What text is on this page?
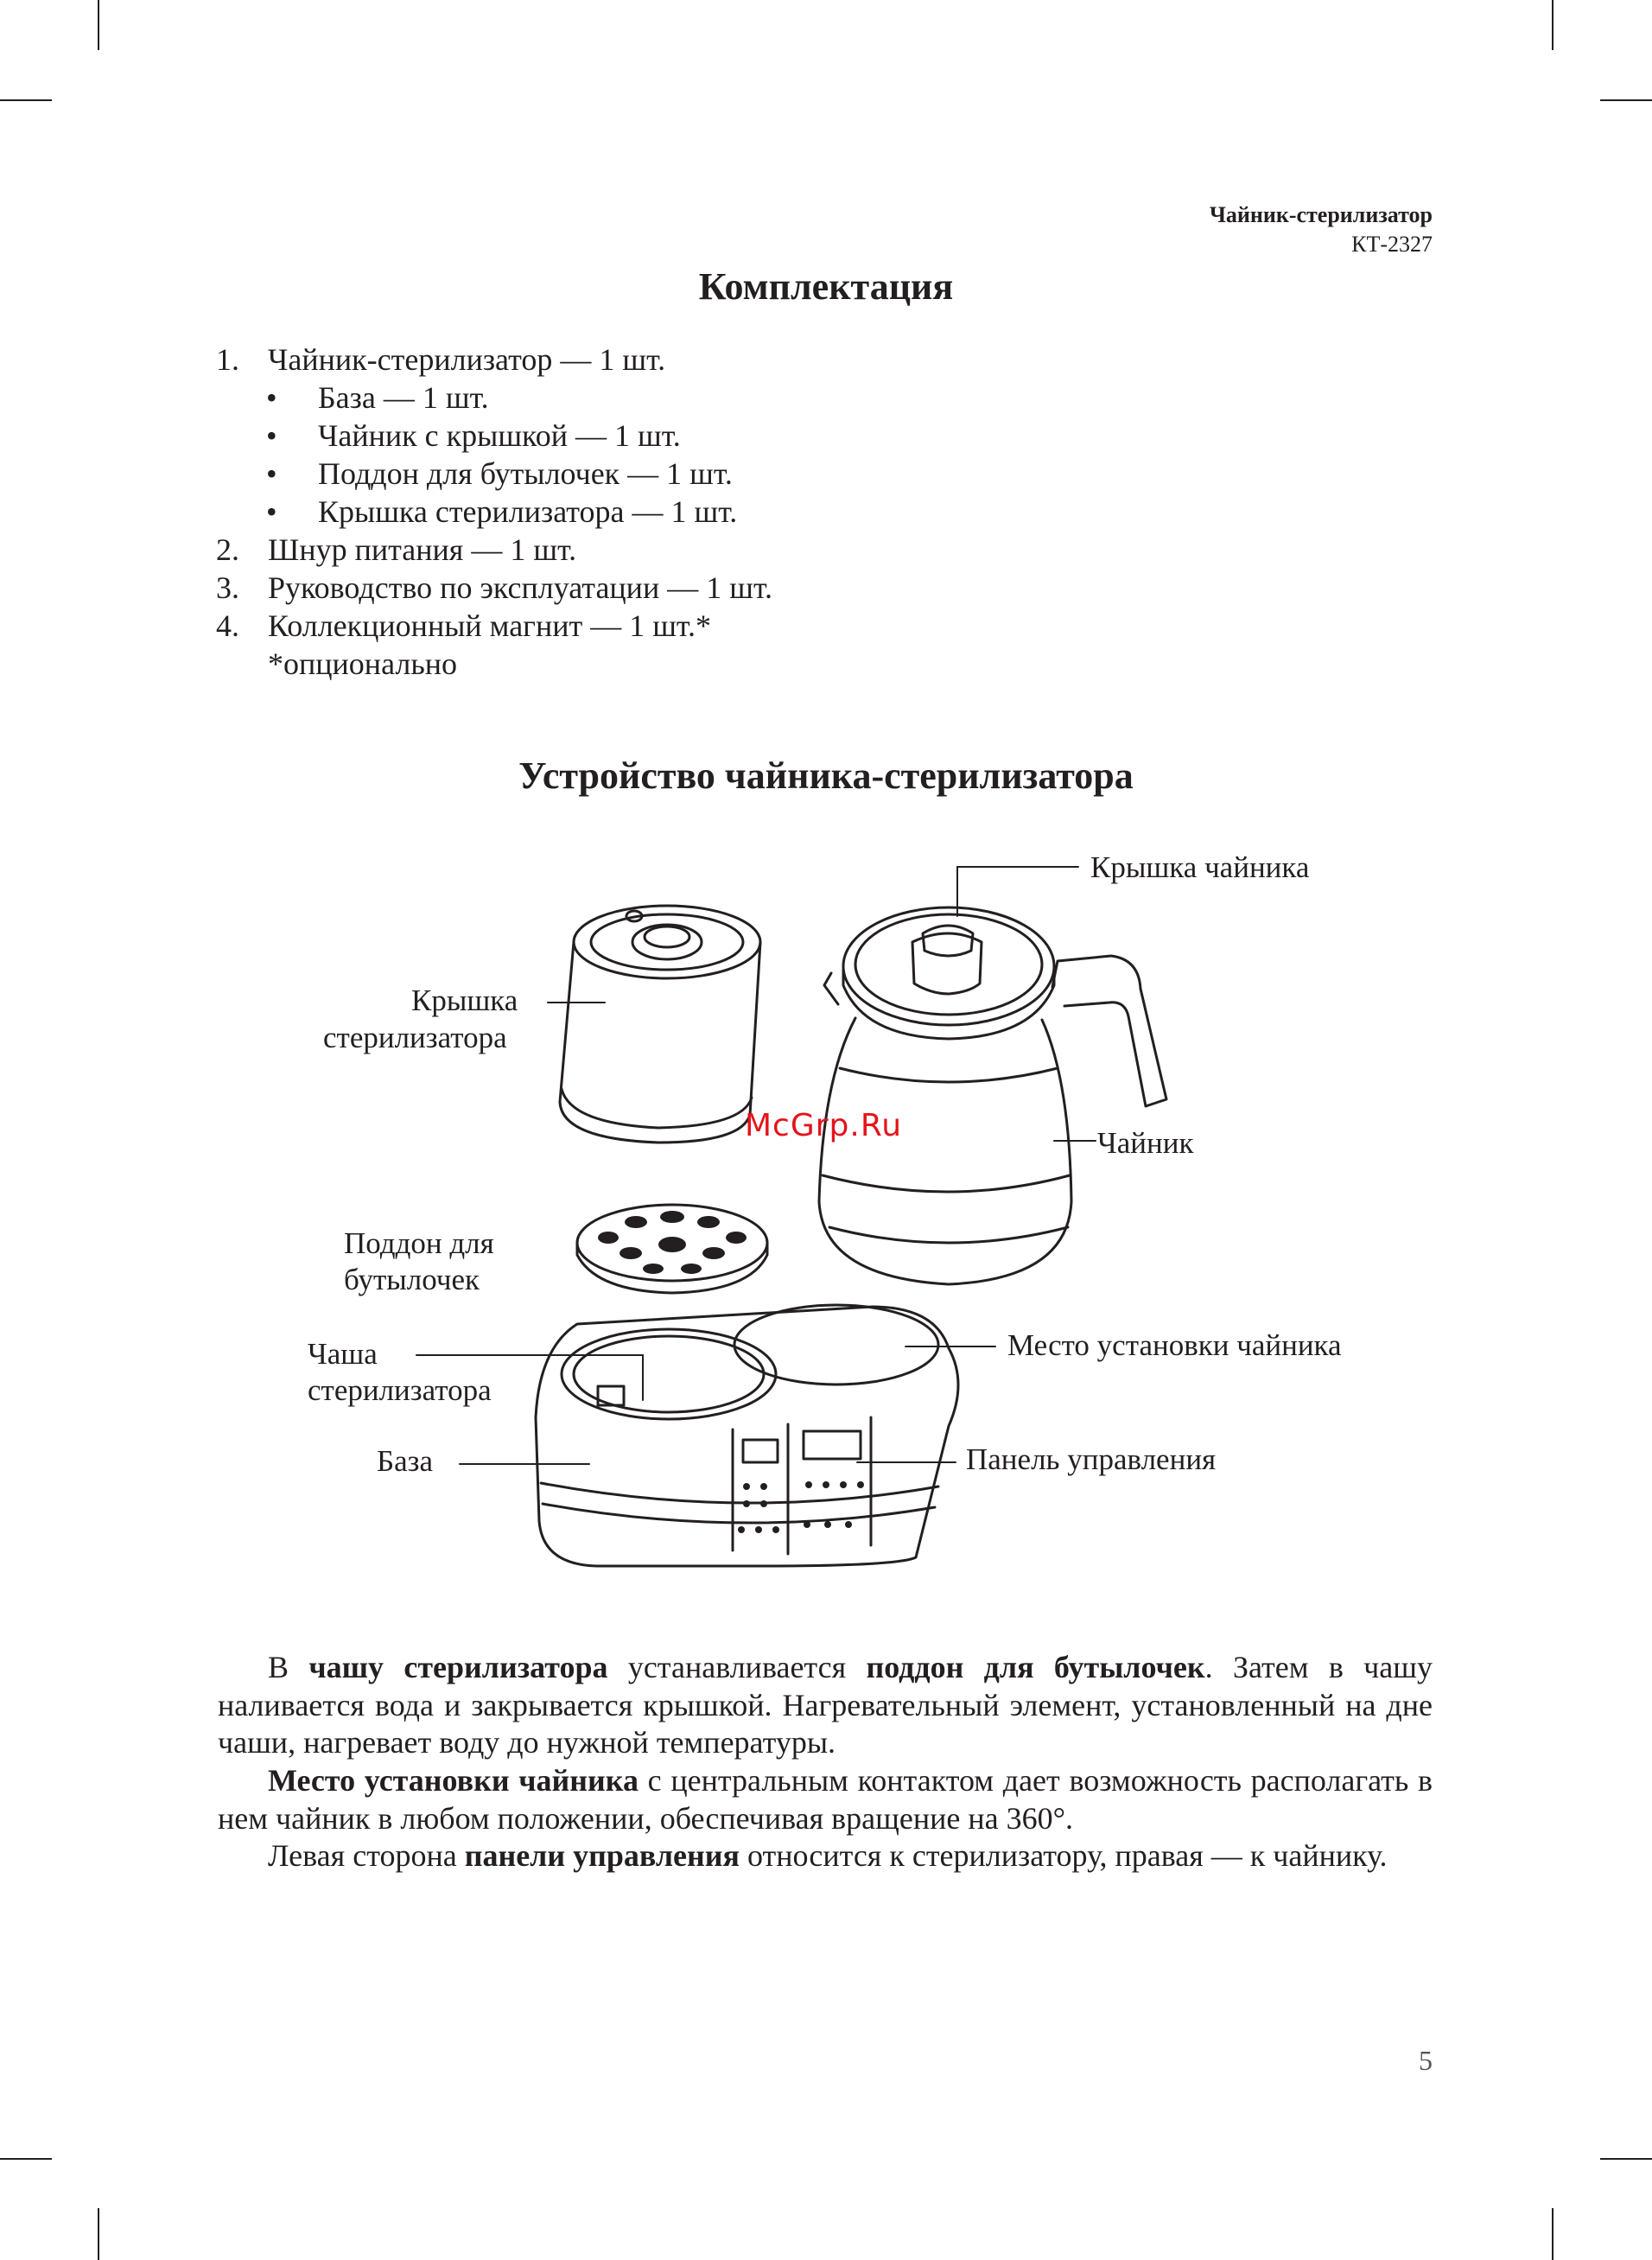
Чайник-стерилизатор
КТ-2327
Комплектация
1. Чайник-стерилизатор — 1 шт.
• База — 1 шт.
• Чайник с крышкой — 1 шт.
• Поддон для бутылочек — 1 шт.
• Крышка стерилизатора — 1 шт.
2. Шнур питания — 1 шт.
3. Руководство по эксплуатации — 1 шт.
4. Коллекционный магнит — 1 шт.*
*опционально
Устройство чайника-стерилизатора
Крышка чайника
Крышка
стерилизатора
Чайник
Поддон для
бутылочек
Чаша
стерилизатора
Место установки чайника
База	Панель управления
McGrp.Ru

В чашу стерилизатора устанавливается поддон для бутылочек. Затем в чашу наливается вода и закрывается крышкой. Нагревательный элемент, установленный на дне чаши, нагревает воду до нужной температуры.

Место установки чайника с центральным контактом дает возможность располагать в нем чайник в любом положении, обеспечивая вращение на 360°.

Левая сторона панели управления относится к стерилизатору, правая — к чайнику.

5
